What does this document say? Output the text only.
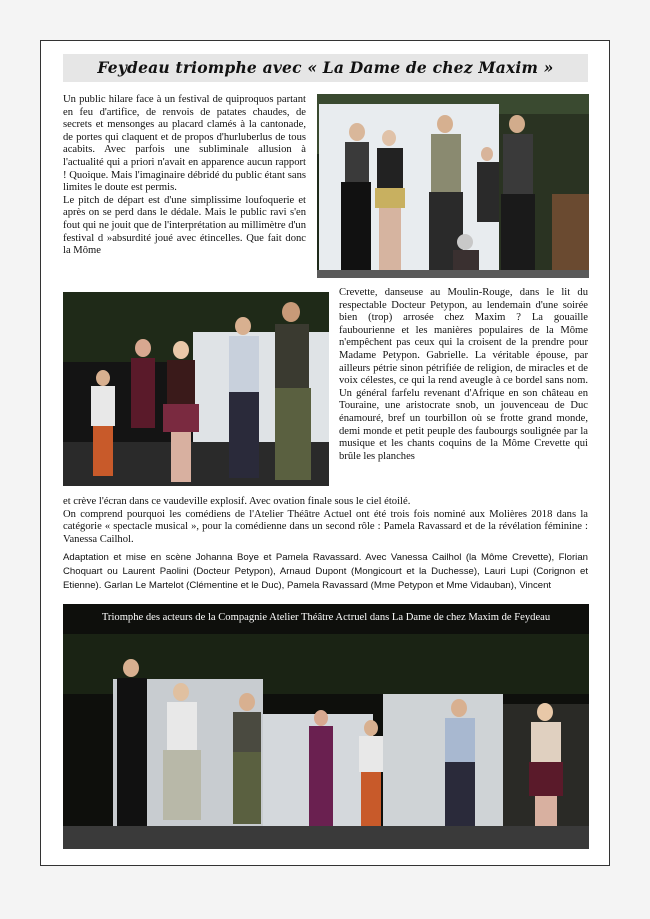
Feydeau triomphe avec « La Dame de chez Maxim »
Un public hilare face à un festival de quiproquos partant en feu d'artifice, de renvois de patates chaudes, de secrets et mensonges au placard clamés à la cantonade, de portes qui claquent et de propos d'hurluberlus de tous acabits. Avec parfois une subliminale allusion à l'actualité qui a priori n'avait en apparence aucun rapport ! Quoique. Mais l'imaginaire débridé du public étant sans limites le doute est permis.
Le pitch de départ est d'une simplissime loufoquerie et après on se perd dans le dédale. Mais le public ravi s'en fout qui ne jouit que de l'interprétation au millimètre d'un festival d »absurdité joué avec étincelles. Que fait donc la Môme
Crevette, danseuse au Moulin-Rouge, dans le lit du respectable Docteur Petypon, au lendemain d'une soirée bien (trop) arrosée chez Maxim ? La gouaille faubourienne et les manières populaires de la Môme n'empêchent pas ceux qui la croisent de la prendre pour Madame Petypon. Gabrielle. La véritable épouse, par ailleurs pétrie sinon pétrifiée de religion, de miracles et de voix célestes, ce qui la rend aveugle à ce bordel sans nom. Un général farfelu revenant d'Afrique en son château en Touraine, une aristocrate snob, un jouvenceau de Duc énamouré, bref un tourbillon où se frotte grand monde, demi monde et petit peuple des faubourgs soulignée par la musique et les chants coquins de la Môme Crevette qui brûle les planches
et crève l'écran dans ce vaudeville explosif. Avec ovation finale sous le ciel étoilé.
On comprend pourquoi les comédiens de l'Atelier Théâtre Actuel ont été trois fois nominé aux Molières 2018 dans la catégorie « spectacle musical », pour la comédienne dans un second rôle : Pamela Ravassard et de la révélation féminine : Vanessa Cailhol.
Adaptation et mise en scène Johanna Boye et Pamela Ravassard. Avec Vanessa Cailhol (la Môme Crevette), Florian Choquart ou Laurent Paolini (Docteur Petypon), Arnaud Dupont (Mongicourt et la Duchesse), Lauri Lupi (Corignon et Etienne). Garlan Le Martelot (Clémentine et le Duc), Pamela Ravassard (Mme Petypon et Mme Vidauban), Vincent
Triomphe des acteurs de la Compagnie Atelier Théâtre Actruel dans La Dame de chez Maxim de Feydeau
